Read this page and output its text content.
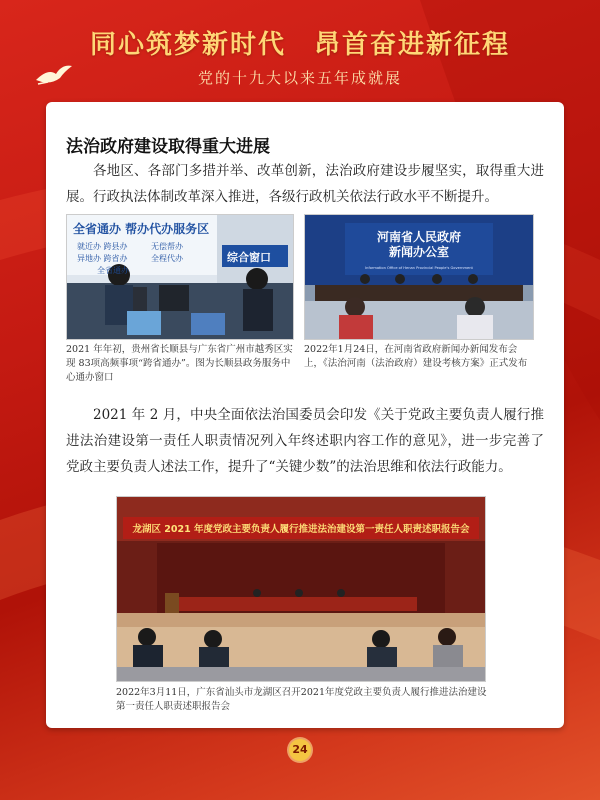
同心筑梦新时代　昂首奋进新征程
党的十九大以来五年成就展
法治政府建设取得重大进展

各地区、各部门多措并举、改革创新，法治政府建设步履坚实，取得重大进展。行政执法体制改革深入推进，各级行政机关依法行政水平不断提升。

全省通办 帮办代办服务区
就近办 跨县办	无偿帮办
异地办 跨省办	全程代办
全省通办
综合窗口

2021 年年初，贵州省长顺县与广东省广州市越秀区实现 83项高频事项“跨省通办”。图为长顺县政务服务中心通办窗口

河南省人民政府新闻办公室
Information Office of Henan Provincial People's Government

2022年1月24日，在河南省政府新闻办新闻发布会上，《法治河南（法治政府）建设考核方案》正式发布

2021 年 2 月，中央全面依法治国委员会印发《关于党政主要负责人履行推进法治建设第一责任人职责情况列入年终述职内容工作的意见》，进一步完善了党政主要负责人述法工作，提升了“关键少数”的法治思维和依法行政能力。

龙湖区 2021 年度党政主要负责人履行推进法治建设第一责任人职责述职报告会

2022年3月11日，广东省汕头市龙湖区召开2021年度党政主要负责人履行推进法治建设第一责任人职责述职报告会

24
